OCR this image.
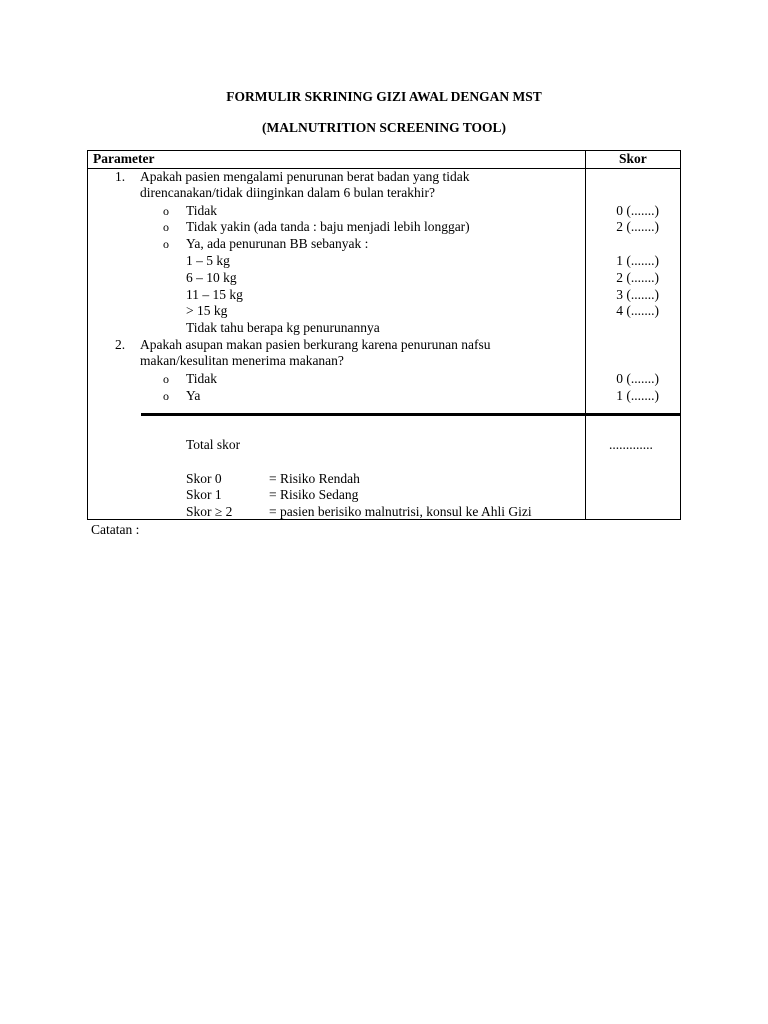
FORMULIR SKRINING GIZI AWAL DENGAN MST
(MALNUTRITION SCREENING TOOL)
Parameter	Skor
1. Apakah pasien mengalami penurunan berat badan yang tidak
direncanakan/tidak diinginkan dalam 6 bulan terakhir?
o Tidak	0 (.......)
o Tidak yakin (ada tanda : baju menjadi lebih longgar)	2 (.......)
o Ya, ada penurunan BB sebanyak :
1 – 5 kg	1 (.......)
6 – 10 kg	2 (.......)
11 – 15 kg	3 (.......)
> 15 kg	4 (.......)
Tidak tahu berapa kg penurunannya
2. Apakah asupan makan pasien berkurang karena penurunan nafsu
makan/kesulitan menerima makanan?
o Tidak	0 (.......)
o Ya	1 (.......)
Total skor	.............
Skor 0	= Risiko Rendah
Skor 1	= Risiko Sedang
Skor ≥ 2	= pasien berisiko malnutrisi, konsul ke Ahli Gizi
Catatan :
